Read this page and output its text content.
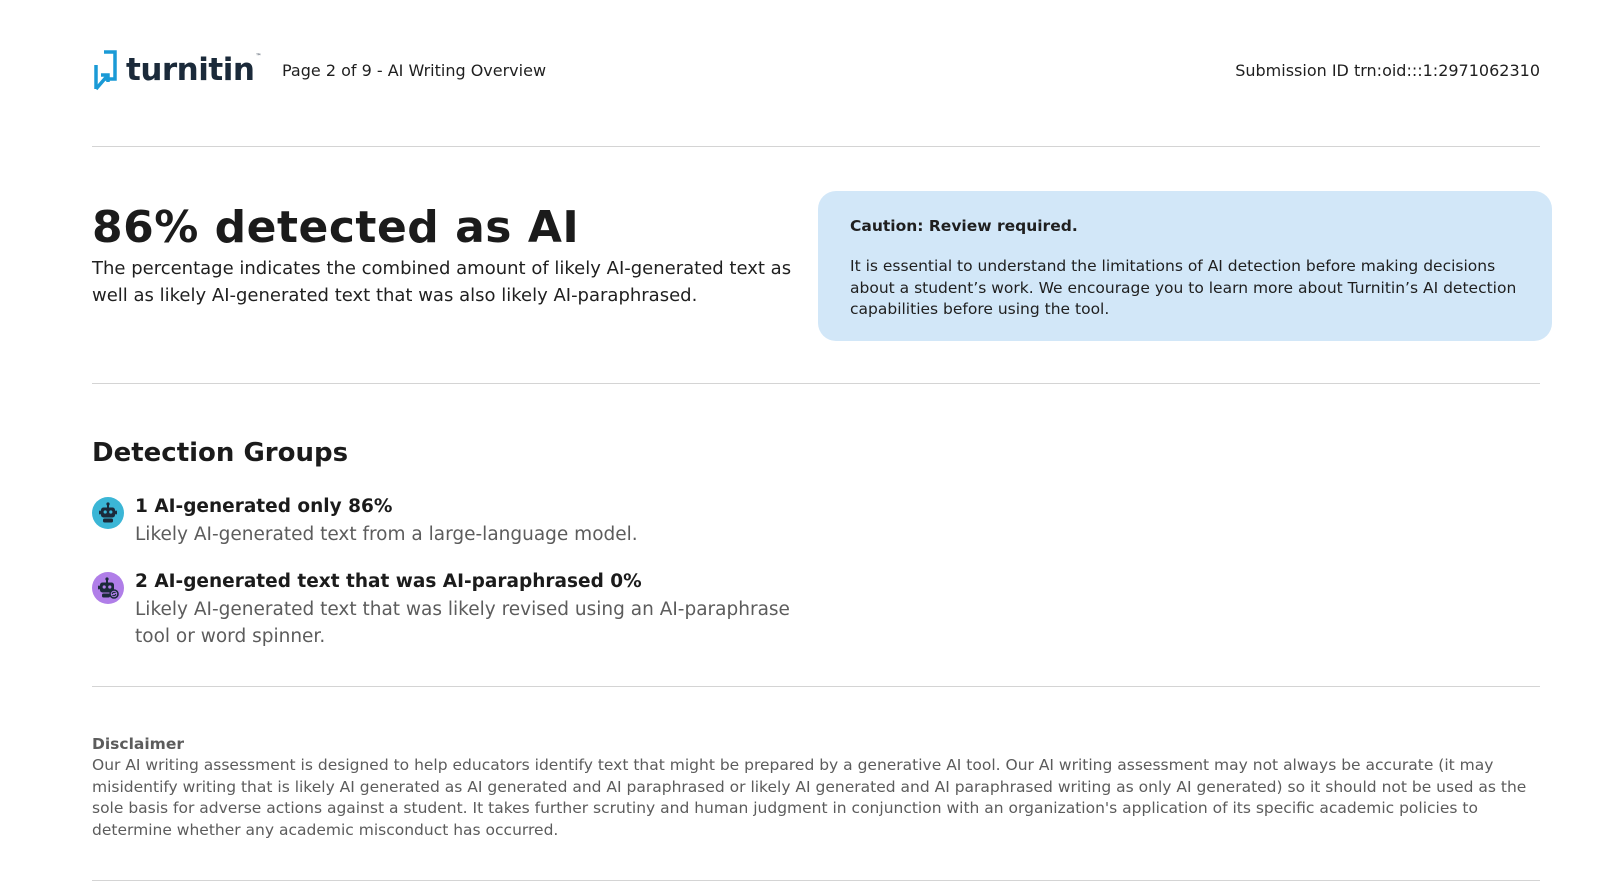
turnitin ™
Page 2 of 9 - AI Writing Overview	Submission ID trn:oid:::1:2971062310
86% detected as AI

The percentage indicates the combined amount of likely AI-generated text as well as likely AI-generated text that was also likely AI-paraphrased.

Caution: Review required.

It is essential to understand the limitations of AI detection before making decisions about a student’s work. We encourage you to learn more about Turnitin’s AI detection capabilities before using the tool.

Detection Groups
1 AI-generated only 86%
Likely AI-generated text from a large-language model.
2 AI-generated text that was AI-paraphrased 0%
Likely AI-generated text that was likely revised using an AI-paraphrase tool or word spinner.

Disclaimer

Our AI writing assessment is designed to help educators identify text that might be prepared by a generative AI tool. Our AI writing assessment may not always be accurate (it may misidentify writing that is likely AI generated as AI generated and AI paraphrased or likely AI generated and AI paraphrased writing as only AI generated) so it should not be used as the sole basis for adverse actions against a student. It takes further scrutiny and human judgment in conjunction with an organization's application of its specific academic policies to determine whether any academic misconduct has occurred.
